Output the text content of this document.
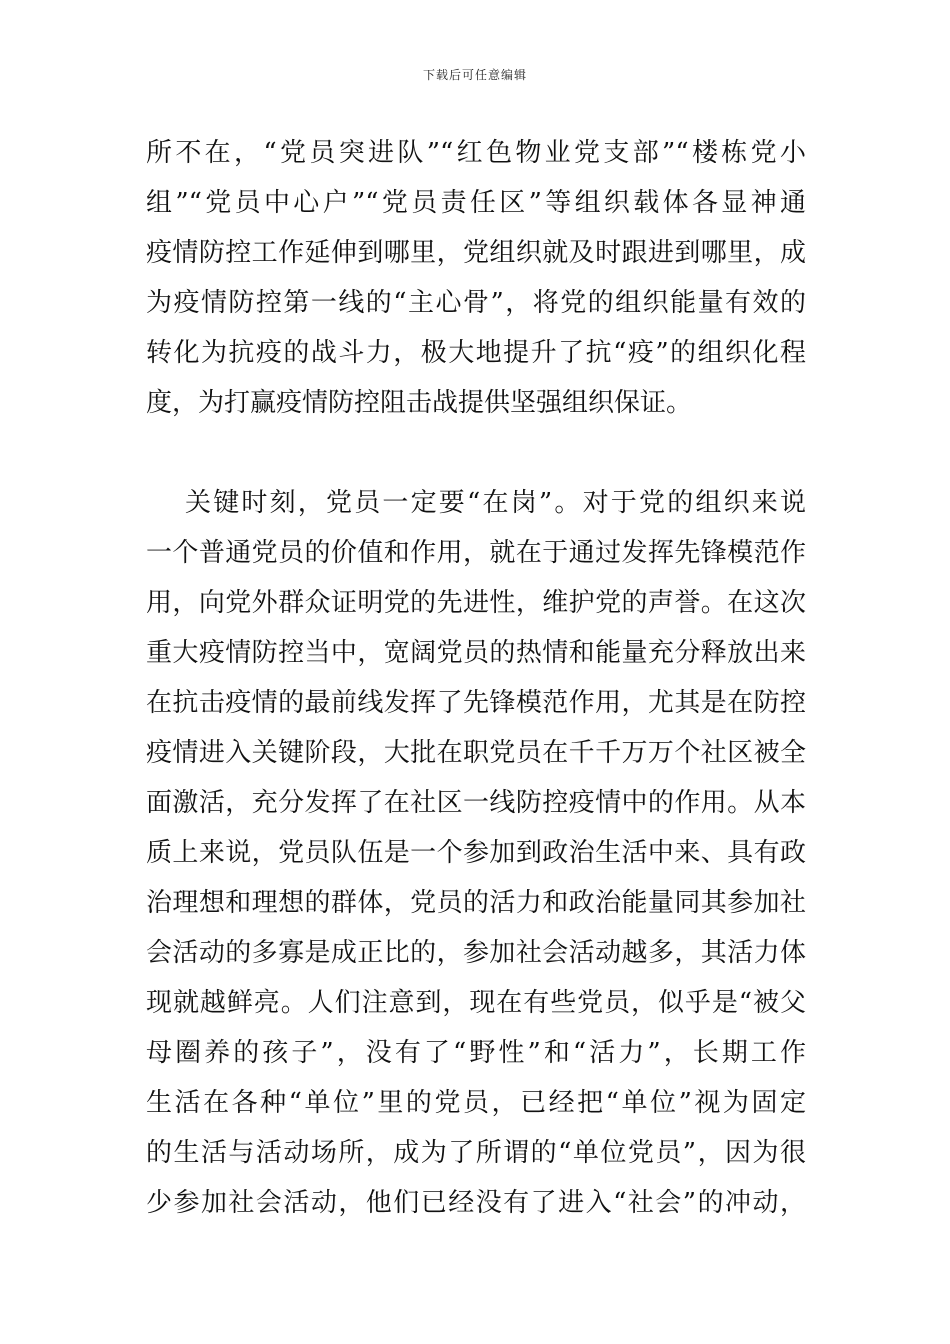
下载后可任意编辑
所不在，“党员突进队”“红色物业党支部”“楼栋党小
组”“党员中心户”“党员责任区”等组织载体各显神通
疫情防控工作延伸到哪里，党组织就及时跟进到哪里，成
为疫情防控第一线的“主心骨”，将党的组织能量有效的
转化为抗疫的战斗力，极大地提升了抗“疫”的组织化程
度，为打赢疫情防控阻击战提供坚强组织保证。
关键时刻，党员一定要“在岗”。对于党的组织来说
一个普通党员的价值和作用，就在于通过发挥先锋模范作
用，向党外群众证明党的先进性，维护党的声誉。在这次
重大疫情防控当中，宽阔党员的热情和能量充分释放出来
在抗击疫情的最前线发挥了先锋模范作用，尤其是在防控
疫情进入关键阶段，大批在职党员在千千万万个社区被全
面激活，充分发挥了在社区一线防控疫情中的作用。从本
质上来说，党员队伍是一个参加到政治生活中来、具有政
治理想和理想的群体，党员的活力和政治能量同其参加社
会活动的多寡是成正比的，参加社会活动越多，其活力体
现就越鲜亮。人们注意到，现在有些党员，似乎是“被父
母圈养的孩子”，没有了“野性”和“活力”，长期工作
生活在各种“单位”里的党员，已经把“单位”视为固定
的生活与活动场所，成为了所谓的“单位党员”，因为很
少参加社会活动，他们已经没有了进入“社会”的冲动，
